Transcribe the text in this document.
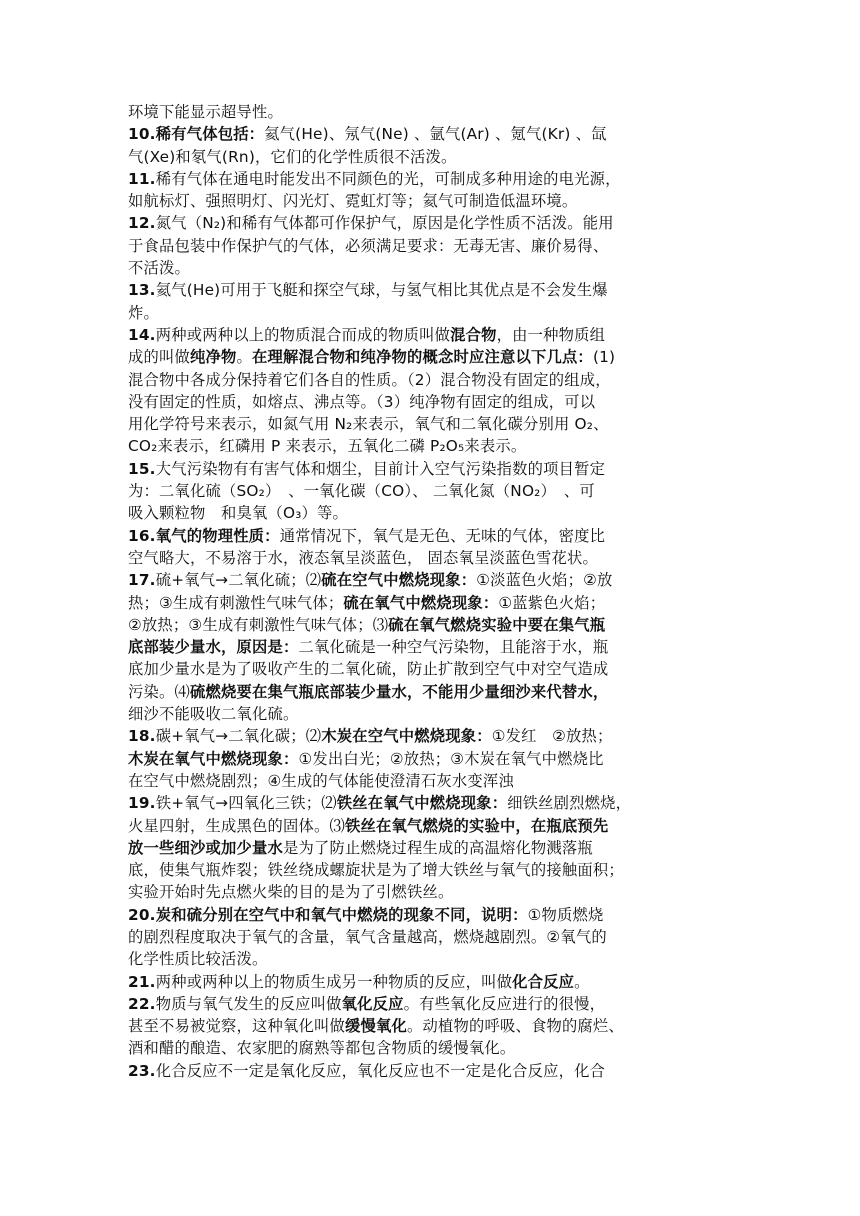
环境下能显示超导性。
10.稀有气体包括：氦气(He)、氖气(Ne) 、氩气(Ar) 、氪气(Kr) 、氙
气(Xe)和氡气(Rn)，它们的化学性质很不活泼。
11.稀有气体在通电时能发出不同颜色的光，可制成多种用途的电光源，
如航标灯、强照明灯、闪光灯、霓虹灯等；氦气可制造低温环境。
12.氮气（N₂)和稀有气体都可作保护气，原因是化学性质不活泼。能用
于食品包装中作保护气的气体，必须满足要求：无毒无害、廉价易得、
不活泼。
13.氦气(He)可用于飞艇和探空气球，与氢气相比其优点是不会发生爆
炸。
14.两种或两种以上的物质混合而成的物质叫做混合物，由一种物质组
成的叫做纯净物。在理解混合物和纯净物的概念时应注意以下几点：(1)
混合物中各成分保持着它们各自的性质。（2）混合物没有固定的组成，
没有固定的性质，如熔点、沸点等。（3）纯净物有固定的组成，可以
用化学符号来表示，如氮气用 N₂来表示，氧气和二氧化碳分别用 O₂、
CO₂来表示，红磷用 P 来表示，五氧化二磷 P₂O₅来表示。
15.大气污染物有有害气体和烟尘，目前计入空气污染指数的项目暂定
为：二氧化硫（SO₂）　、一氧化碳（CO）、 二氧化氮（NO₂）　、可
吸入颗粒物　和臭氧（O₃）等。
16.氧气的物理性质：通常情况下，氧气是无色、无味的气体，密度比
空气略大，不易溶于水，液态氧呈淡蓝色， 固态氧呈淡蓝色雪花状。
17.硫+氧气→二氧化硫；⑵硫在空气中燃烧现象：①淡蓝色火焰；②放
热；③生成有刺激性气味气体；硫在氧气中燃烧现象：①蓝紫色火焰；
②放热；③生成有刺激性气味气体；⑶硫在氧气燃烧实验中要在集气瓶
底部装少量水，原因是：二氧化硫是一种空气污染物，且能溶于水，瓶
底加少量水是为了吸收产生的二氧化硫，防止扩散到空气中对空气造成
污染。⑷硫燃烧要在集气瓶底部装少量水，不能用少量细沙来代替水，
细沙不能吸收二氧化硫。
18.碳+氧气→二氧化碳；⑵木炭在空气中燃烧现象：①发红　②放热；
木炭在氧气中燃烧现象：①发出白光；②放热；③木炭在氧气中燃烧比
在空气中燃烧剧烈；④生成的气体能使澄清石灰水变浑浊
19.铁+氧气→四氧化三铁；⑵铁丝在氧气中燃烧现象：细铁丝剧烈燃烧，
火星四射，生成黑色的固体。⑶铁丝在氧气燃烧的实验中，在瓶底预先
放一些细沙或加少量水是为了防止燃烧过程生成的高温熔化物溅落瓶
底，使集气瓶炸裂；铁丝绕成螺旋状是为了增大铁丝与氧气的接触面积；
实验开始时先点燃火柴的目的是为了引燃铁丝。
20.炭和硫分别在空气中和氧气中燃烧的现象不同，说明：①物质燃烧
的剧烈程度取决于氧气的含量，氧气含量越高，燃烧越剧烈。②氧气的
化学性质比较活泼。
21.两种或两种以上的物质生成另一种物质的反应，叫做化合反应。
22.物质与氧气发生的反应叫做氧化反应。有些氧化反应进行的很慢，
甚至不易被觉察，这种氧化叫做缓慢氧化。动植物的呼吸、食物的腐烂、
酒和醋的酿造、农家肥的腐熟等都包含物质的缓慢氧化。
23.化合反应不一定是氧化反应，氧化反应也不一定是化合反应，化合
